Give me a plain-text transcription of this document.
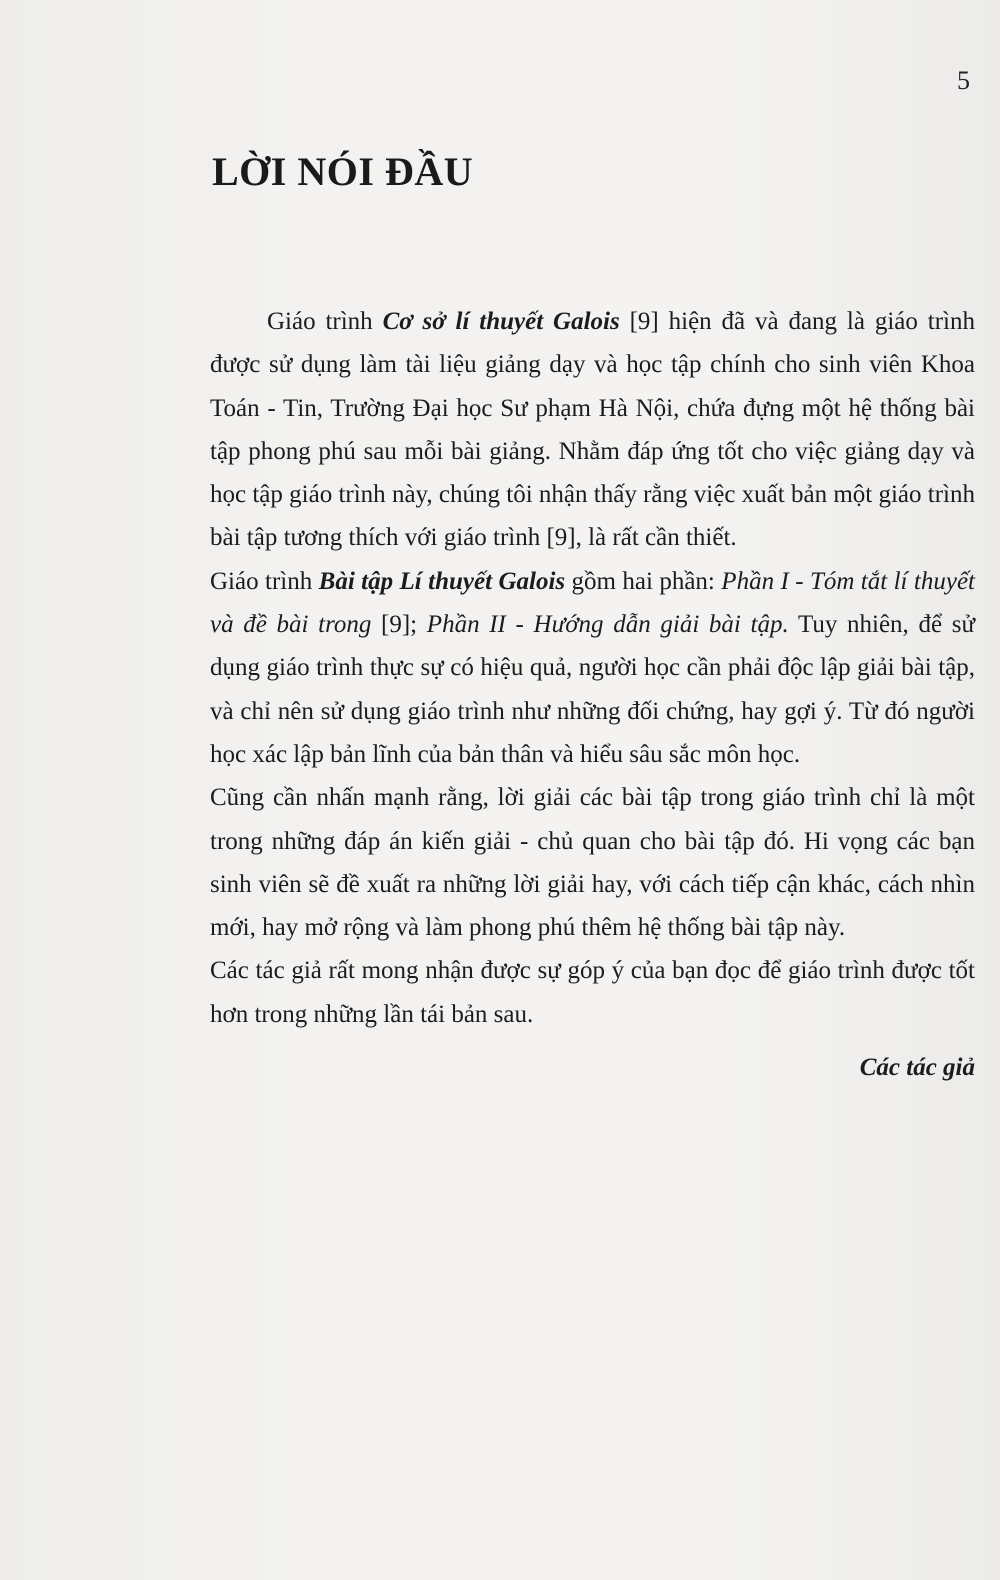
5
LỜI NÓI ĐẦU

Giáo trình Cơ sở lí thuyết Galois [9] hiện đã và đang là giáo trình được sử dụng làm tài liệu giảng dạy và học tập chính cho sinh viên Khoa Toán - Tin, Trường Đại học Sư phạm Hà Nội, chứa đựng một hệ thống bài tập phong phú sau mỗi bài giảng. Nhằm đáp ứng tốt cho việc giảng dạy và học tập giáo trình này, chúng tôi nhận thấy rằng việc xuất bản một giáo trình bài tập tương thích với giáo trình [9], là rất cần thiết.

Giáo trình Bài tập Lí thuyết Galois gồm hai phần: Phần I - Tóm tắt lí thuyết và đề bài trong [9]; Phần II - Hướng dẫn giải bài tập. Tuy nhiên, để sử dụng giáo trình thực sự có hiệu quả, người học cần phải độc lập giải bài tập, và chỉ nên sử dụng giáo trình như những đối chứng, hay gợi ý. Từ đó người học xác lập bản lĩnh của bản thân và hiểu sâu sắc môn học.

Cũng cần nhấn mạnh rằng, lời giải các bài tập trong giáo trình chỉ là một trong những đáp án kiến giải - chủ quan cho bài tập đó. Hi vọng các bạn sinh viên sẽ đề xuất ra những lời giải hay, với cách tiếp cận khác, cách nhìn mới, hay mở rộng và làm phong phú thêm hệ thống bài tập này.

Các tác giả rất mong nhận được sự góp ý của bạn đọc để giáo trình được tốt hơn trong những lần tái bản sau.

Các tác giả
